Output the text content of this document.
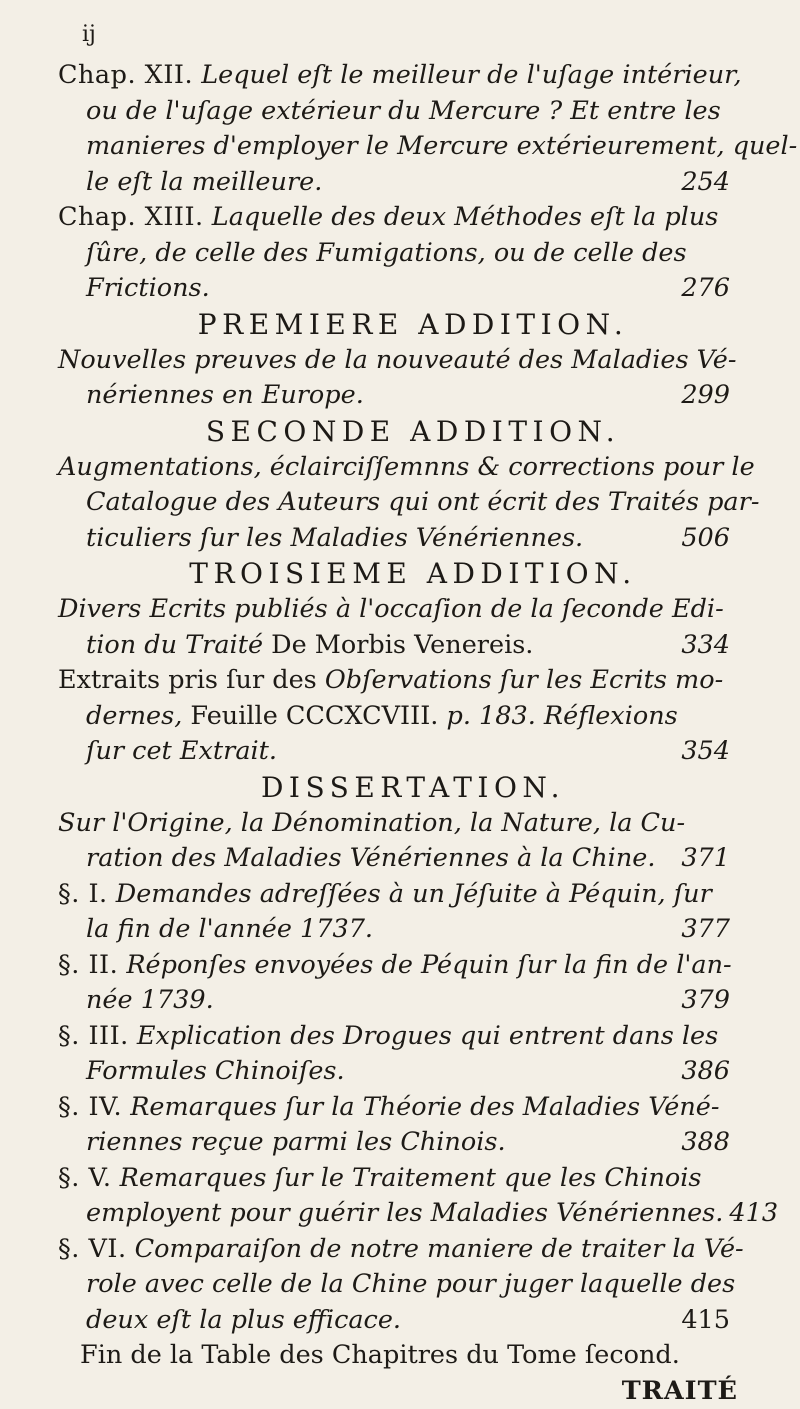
ij
Chap. XII. Lequel eſt le meilleur de l'uſage intérieur,
ou de l'uſage extérieur du Mercure ? Et entre les
manieres d'employer le Mercure extérieurement, quel-
le eſt la meilleure.	254
Chap. XIII. Laquelle des deux Méthodes eſt la plus
ſûre, de celle des Fumigations, ou de celle des
Frictions.	276
PREMIERE ADDITION.
Nouvelles preuves de la nouveauté des Maladies Vé-
nériennes en Europe.	299
SECONDE ADDITION.
Augmentations, éclairciſſemnns & corrections pour le
Catalogue des Auteurs qui ont écrit des Traités par-
ticuliers ſur les Maladies Vénériennes.	506
TROISIEME ADDITION.
Divers Ecrits publiés à l'occaſion de la ſeconde Edi-
tion du Traité De Morbis Venereis.	334
Extraits pris ſur des Obſervations ſur les Ecrits mo-
dernes, Feuille CCCXCVIII. p. 183. Réflexions
ſur cet Extrait.	354
DISSERTATION.
Sur l'Origine, la Dénomination, la Nature, la Cu-
ration des Maladies Vénériennes à la Chine. 371
§. I. Demandes adreſſées à un Jéſuite à Péquin, ſur
la fin de l'année 1737.	377
§. II. Réponſes envoyées de Péquin ſur la fin de l'an-
née 1739.	379
§. III. Explication des Drogues qui entrent dans les
Formules Chinoiſes.	386
§. IV. Remarques ſur la Théorie des Maladies Véné-
riennes reçue parmi les Chinois.	388
§. V. Remarques ſur le Traitement que les Chinois
employent pour guérir les Maladies Vénériennes. 413
§. VI. Comparaiſon de notre maniere de traiter la Vé-
role avec celle de la Chine pour juger laquelle des
deux eſt la plus efficace.	415
Fin de la Table des Chapitres du Tome ſecond.
TRAITÉ
